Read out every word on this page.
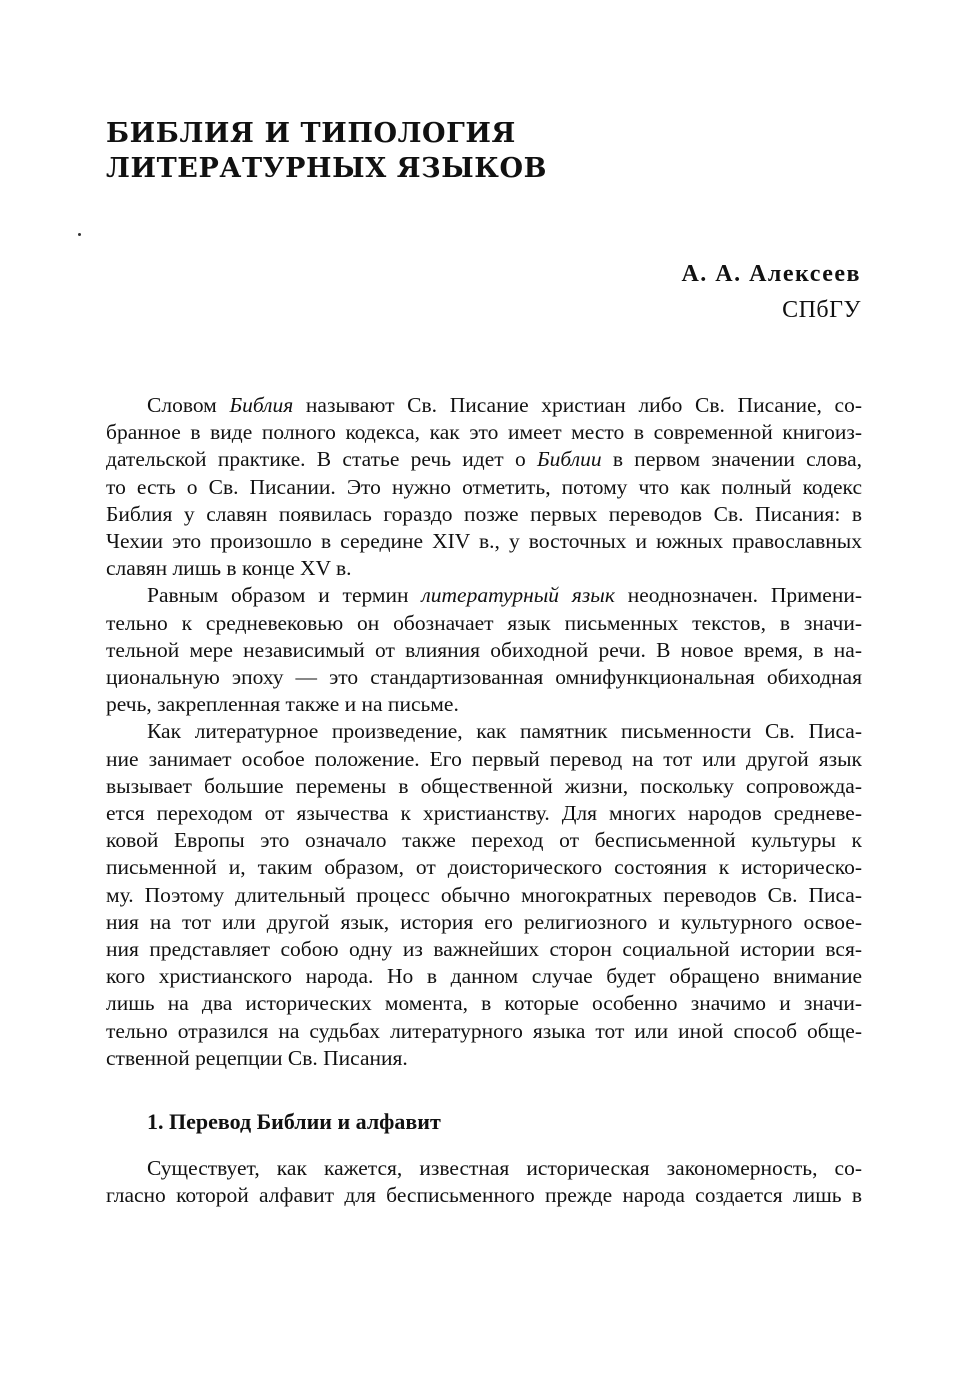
БИБЛИЯ И ТИПОЛОГИЯ
ЛИТЕРАТУРНЫХ ЯЗЫКОВ
А. А. Алексеев
СПбГУ
Словом Библия называют Св. Писание христиан либо Св. Писание, со-
бранное в виде полного кодекса, как это имеет место в современной книгоиз-
дательской практике. В статье речь идет о Библии в первом значении слова,
то есть о Св. Писании. Это нужно отметить, потому что как полный кодекс
Библия у славян появилась гораздо позже первых переводов Св. Писания: в
Чехии это произошло в середине XIV в., у восточных и южных православных
славян лишь в конце XV в.
Равным образом и термин литературный язык неоднозначен. Примени-
тельно к средневековью он обозначает язык письменных текстов, в значи-
тельной мере независимый от влияния обиходной речи. В новое время, в на-
циональную эпоху — это стандартизованная омнифункциональная обиходная
речь, закрепленная также и на письме.
Как литературное произведение, как памятник письменности Св. Писа-
ние занимает особое положение. Его первый перевод на тот или другой язык
вызывает большие перемены в общественной жизни, поскольку сопровожда-
ется переходом от язычества к христианству. Для многих народов средневе-
ковой Европы это означало также переход от бесписьменной культуры к
письменной и, таким образом, от доисторического состояния к историческо-
му. Поэтому длительный процесс обычно многократных переводов Св. Писа-
ния на тот или другой язык, история его религиозного и культурного освое-
ния представляет собою одну из важнейших сторон социальной истории вся-
кого христианского народа. Но в данном случае будет обращено внимание
лишь на два исторических момента, в которые особенно значимо и значи-
тельно отразился на судьбах литературного языка тот или иной способ обще-
ственной рецепции Св. Писания.
1. Перевод Библии и алфавит
Существует, как кажется, известная историческая закономерность, со-
гласно которой алфавит для бесписьменного прежде народа создается лишь в
